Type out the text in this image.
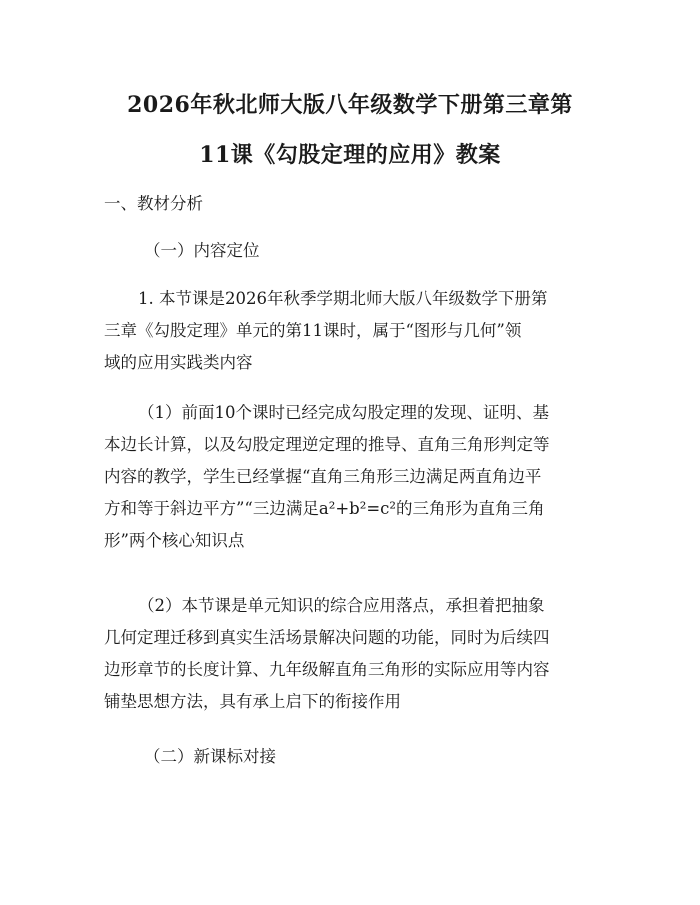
2026年秋北师大版八年级数学下册第三章第
11课《勾股定理的应用》教案
一、教材分析
（一）内容定位
1. 本节课是2026年秋季学期北师大版八年级数学下册第
三章《勾股定理》单元的第11课时，属于“图形与几何”领
域的应用实践类内容
（1）前面10个课时已经完成勾股定理的发现、证明、基
本边长计算，以及勾股定理逆定理的推导、直角三角形判定等
内容的教学，学生已经掌握“直角三角形三边满足两直角边平
方和等于斜边平方”“三边满足a²+b²=c²的三角形为直角三角
形”两个核心知识点
（2）本节课是单元知识的综合应用落点，承担着把抽象
几何定理迁移到真实生活场景解决问题的功能，同时为后续四
边形章节的长度计算、九年级解直角三角形的实际应用等内容
铺垫思想方法，具有承上启下的衔接作用
（二）新课标对接
